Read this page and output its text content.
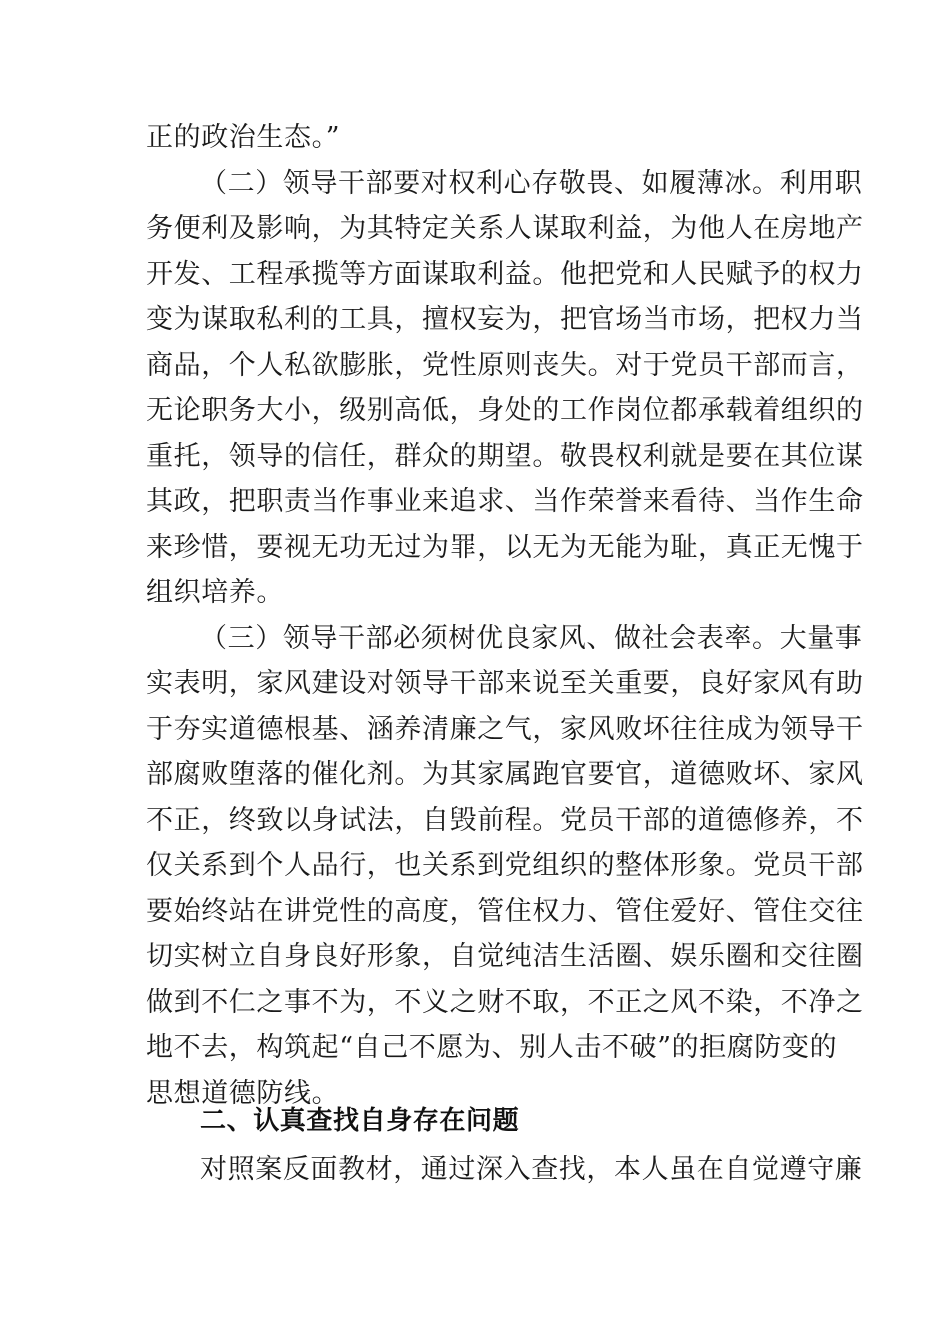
正的政治生态。”
（二）领导干部要对权利心存敬畏、如履薄冰。利用职
务便利及影响，为其特定关系人谋取利益，为他人在房地产
开发、工程承揽等方面谋取利益。他把党和人民赋予的权力
变为谋取私利的工具，擅权妄为，把官场当市场，把权力当
商品，个人私欲膨胀，党性原则丧失。对于党员干部而言，
无论职务大小，级别高低，身处的工作岗位都承载着组织的
重托，领导的信任，群众的期望。敬畏权利就是要在其位谋
其政，把职责当作事业来追求、当作荣誉来看待、当作生命
来珍惜，要视无功无过为罪，以无为无能为耻，真正无愧于
组织培养。
（三）领导干部必须树优良家风、做社会表率。大量事
实表明，家风建设对领导干部来说至关重要，良好家风有助
于夯实道德根基、涵养清廉之气，家风败坏往往成为领导干
部腐败堕落的催化剂。为其家属跑官要官，道德败坏、家风
不正，终致以身试法，自毁前程。党员干部的道德修养，不
仅关系到个人品行，也关系到党组织的整体形象。党员干部
要始终站在讲党性的高度，管住权力、管住爱好、管住交往
切实树立自身良好形象，自觉纯洁生活圈、娱乐圈和交往圈
做到不仁之事不为，不义之财不取，不正之风不染，不净之
地不去，构筑起“自己不愿为、别人击不破”的拒腐防变的
思想道德防线。
二、认真查找自身存在问题
对照案反面教材，通过深入查找，本人虽在自觉遵守廉
